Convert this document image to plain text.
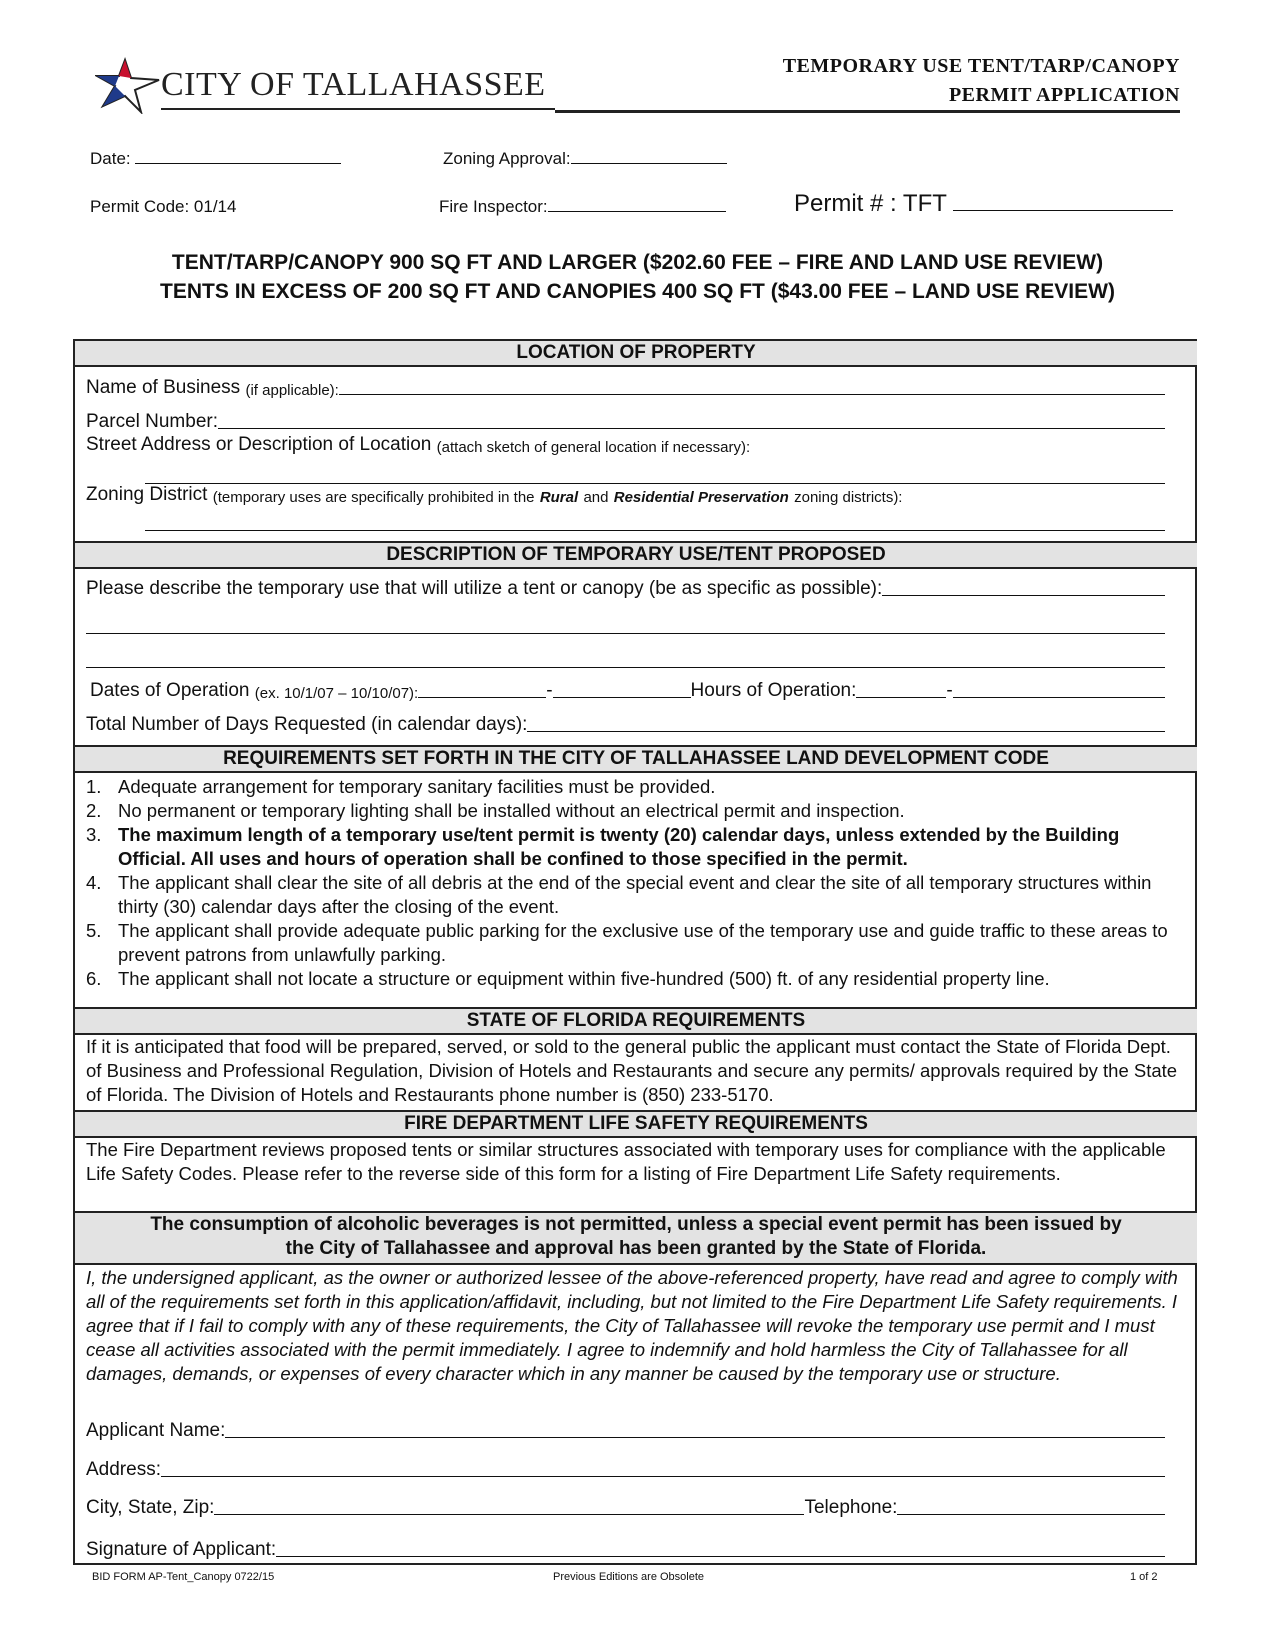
CITY OF TALLAHASSEE	TEMPORARY USE TENT/TARP/CANOPY
PERMIT APPLICATION
Date:	Zoning Approval:
Permit Code: 01/14	Fire Inspector:	Permit # : TFT
TENT/TARP/CANOPY 900 SQ FT AND LARGER ($202.60 FEE – FIRE AND LAND USE REVIEW)
TENTS IN EXCESS OF 200 SQ FT AND CANOPIES 400 SQ FT ($43.00 FEE – LAND USE REVIEW)
LOCATION OF PROPERTY
Name of Business
(if applicable):
Parcel Number:
Street Address or Description of Location
(attach sketch of general location if necessary):
Zoning District
(temporary uses are specifically prohibited in the
Rural
and
Residential Preservation
zoning districts):
DESCRIPTION OF TEMPORARY USE/TENT PROPOSED
Please describe the temporary use that will utilize a tent or canopy (be as specific as possible):
Dates of Operation
(ex. 10/1/07 – 10/10/07):	-	Hours of Operation:	-
Total Number of Days Requested (in calendar days):
REQUIREMENTS SET FORTH IN THE CITY OF TALLAHASSEE LAND DEVELOPMENT CODE
1. Adequate arrangement for temporary sanitary facilities must be provided.
2. No permanent or temporary lighting shall be installed without an electrical permit and inspection.
3. The maximum length of a temporary use/tent permit is twenty (20) calendar days, unless extended by the Building Official. All uses and hours of operation shall be confined to those specified in the permit.
4. The applicant shall clear the site of all debris at the end of the special event and clear the site of all temporary structures within thirty (30) calendar days after the closing of the event.
5. The applicant shall provide adequate public parking for the exclusive use of the temporary use and guide traffic to these areas to prevent patrons from unlawfully parking.
6. The applicant shall not locate a structure or equipment within five-hundred (500) ft. of any residential property line.
STATE OF FLORIDA REQUIREMENTS
If it is anticipated that food will be prepared, served, or sold to the general public the applicant must contact the State of Florida Dept. of Business and Professional Regulation, Division of Hotels and Restaurants and secure any permits/ approvals required by the State of Florida. The Division of Hotels and Restaurants phone number is (850) 233-5170.
FIRE DEPARTMENT LIFE SAFETY REQUIREMENTS
The Fire Department reviews proposed tents or similar structures associated with temporary uses for compliance with the applicable Life Safety Codes. Please refer to the reverse side of this form for a listing of Fire Department Life Safety requirements.
The consumption of alcoholic beverages is not permitted, unless a special event permit has been issued by
the City of Tallahassee and approval has been granted by the State of Florida.
I, the undersigned applicant, as the owner or authorized lessee of the above-referenced property, have read and agree to comply with all of the requirements set forth in this application/affidavit, including, but not limited to the Fire Department Life Safety requirements. I agree that if I fail to comply with any of these requirements, the City of Tallahassee will revoke the temporary use permit and I must cease all activities associated with the permit immediately. I agree to indemnify and hold harmless the City of Tallahassee for all damages, demands, or expenses of every character which in any manner be caused by the temporary use or structure.
Applicant Name:
Address:
City, State, Zip:	Telephone:
Signature of Applicant:
BID FORM AP-Tent_Canopy 0722/15	Previous Editions are Obsolete	1 of 2
